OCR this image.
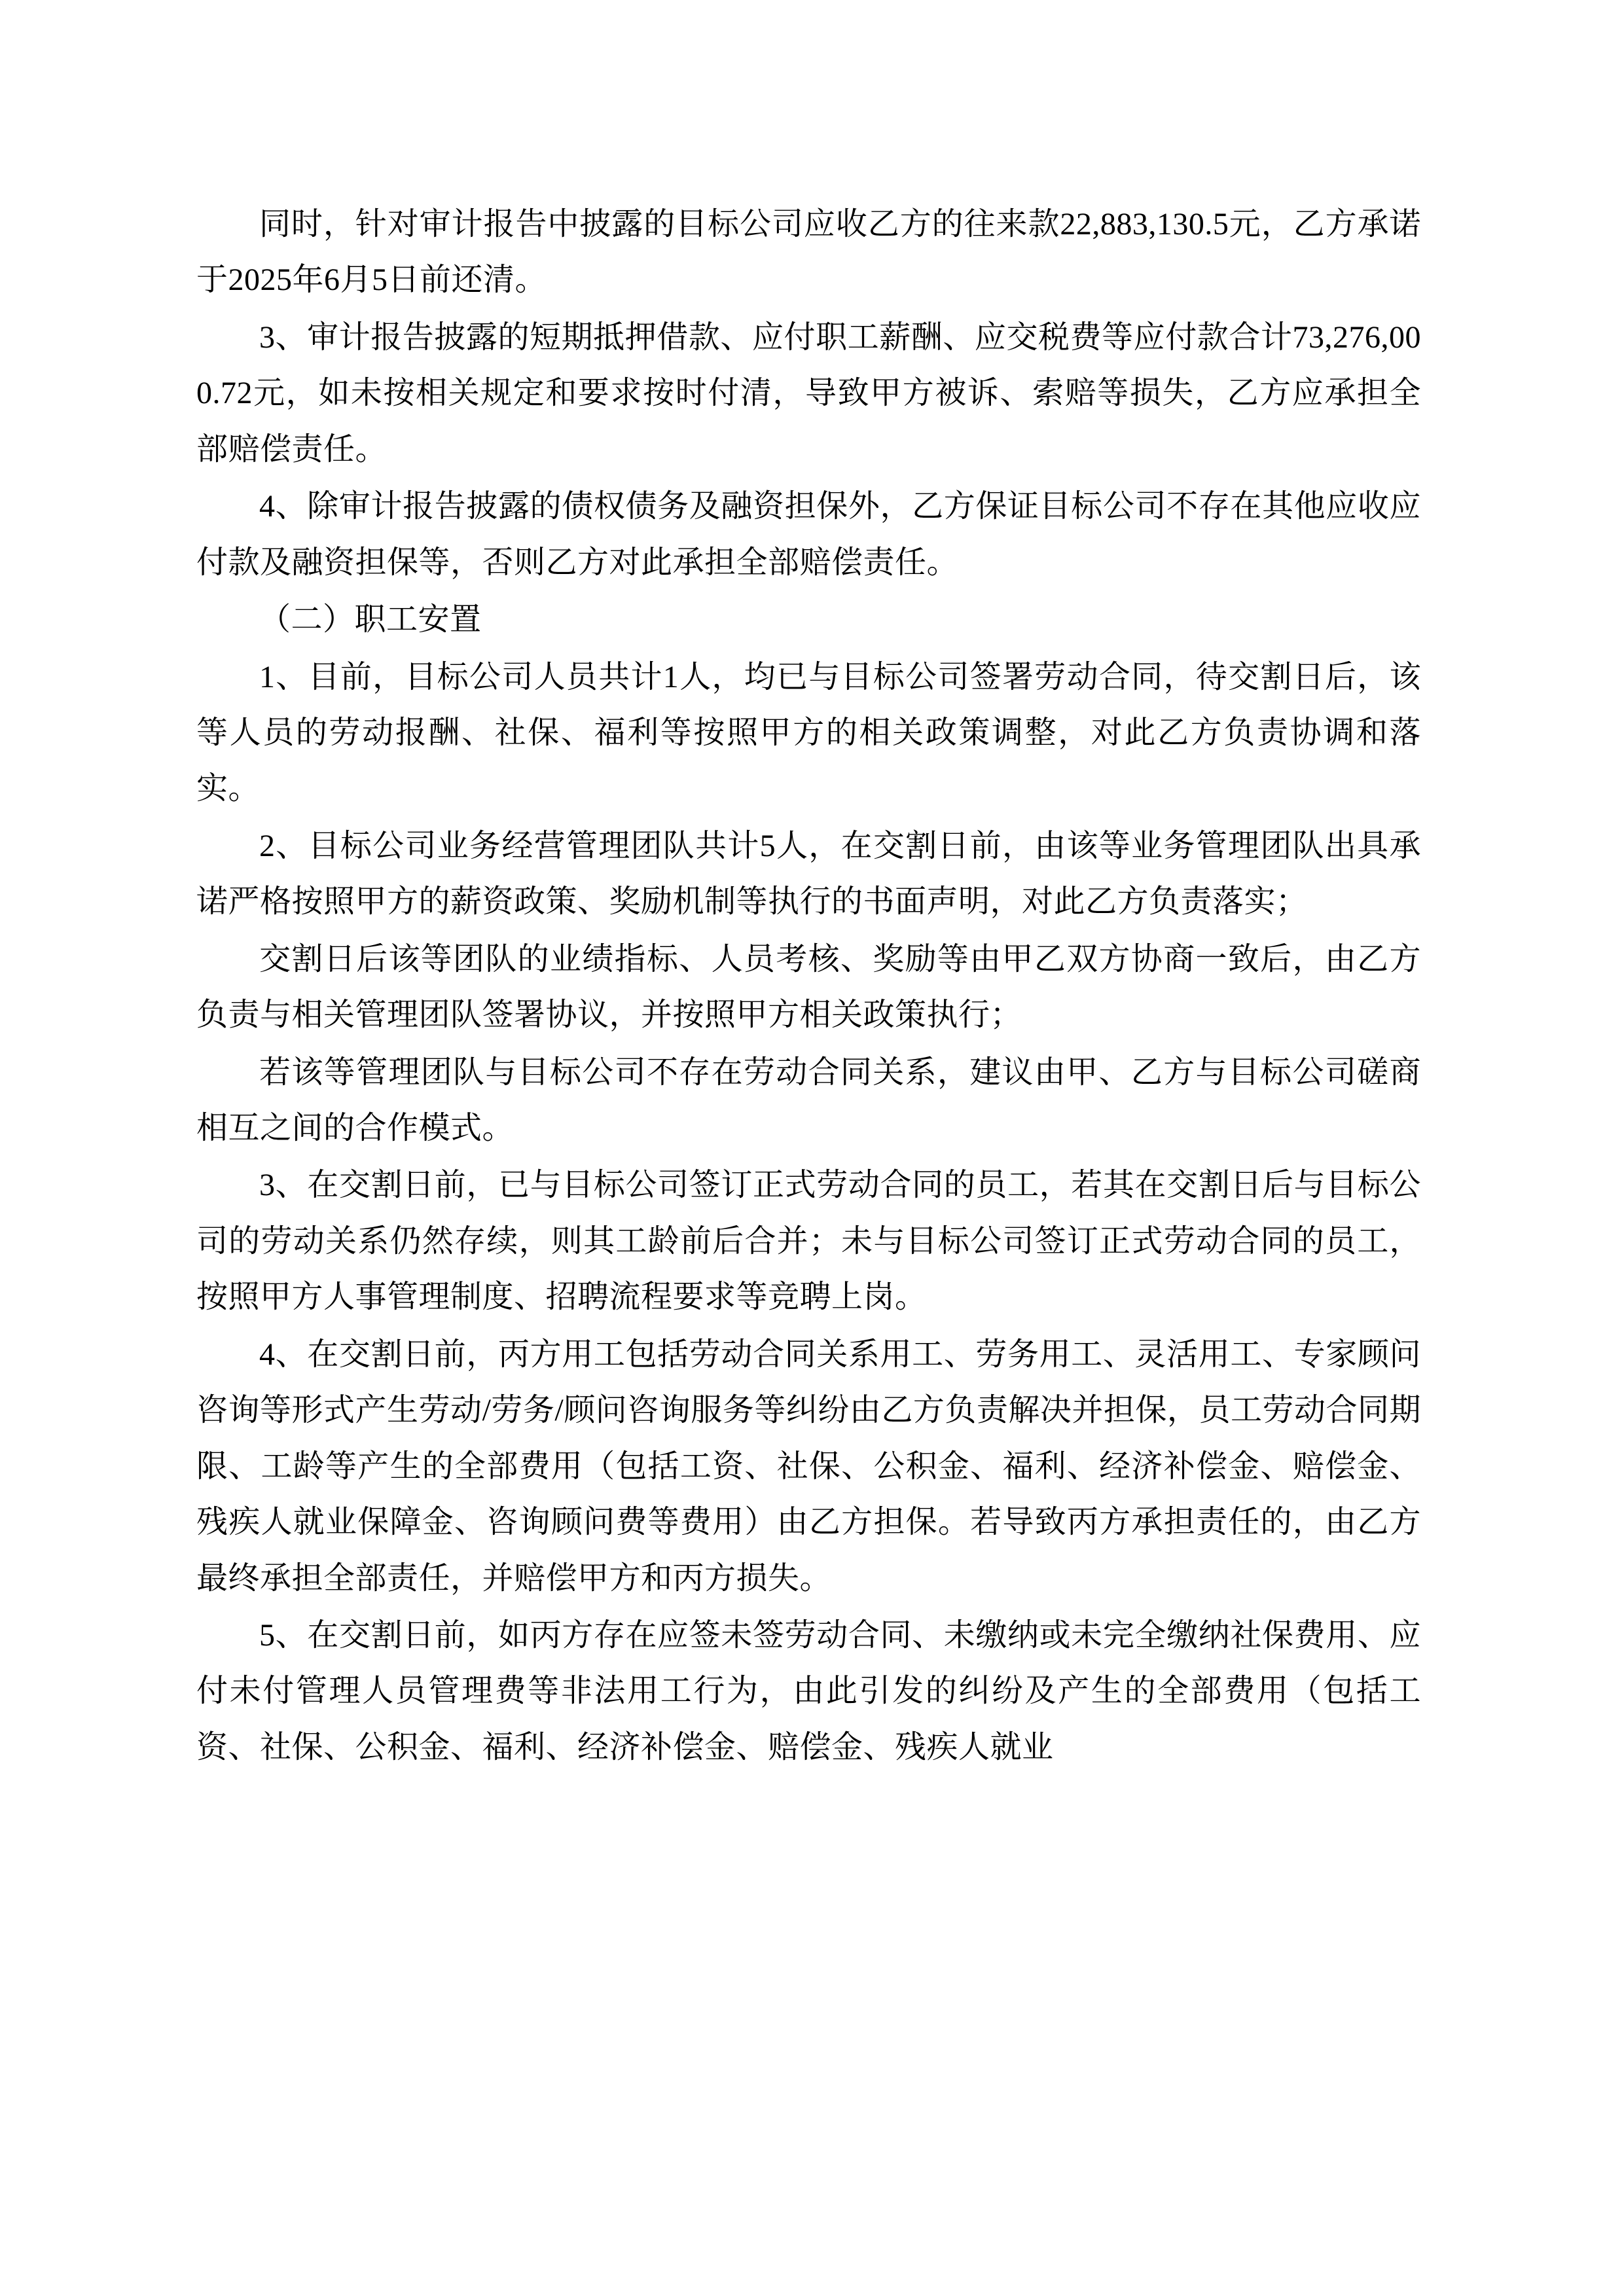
同时，针对审计报告中披露的目标公司应收乙方的往来款22,883,130.5元，乙方承诺于2025年6月5日前还清。

3、审计报告披露的短期抵押借款、应付职工薪酬、应交税费等应付款合计73,276,000.72元，如未按相关规定和要求按时付清，导致甲方被诉、索赔等损失，乙方应承担全部赔偿责任。

4、除审计报告披露的债权债务及融资担保外，乙方保证目标公司不存在其他应收应付款及融资担保等，否则乙方对此承担全部赔偿责任。

（二）职工安置

1、目前，目标公司人员共计1人，均已与目标公司签署劳动合同，待交割日后，该等人员的劳动报酬、社保、福利等按照甲方的相关政策调整，对此乙方负责协调和落实。

2、目标公司业务经营管理团队共计5人，在交割日前，由该等业务管理团队出具承诺严格按照甲方的薪资政策、奖励机制等执行的书面声明，对此乙方负责落实；

交割日后该等团队的业绩指标、人员考核、奖励等由甲乙双方协商一致后，由乙方负责与相关管理团队签署协议，并按照甲方相关政策执行；

若该等管理团队与目标公司不存在劳动合同关系，建议由甲、乙方与目标公司磋商相互之间的合作模式。

3、在交割日前，已与目标公司签订正式劳动合同的员工，若其在交割日后与目标公司的劳动关系仍然存续，则其工龄前后合并；未与目标公司签订正式劳动合同的员工，按照甲方人事管理制度、招聘流程要求等竞聘上岗。

4、在交割日前，丙方用工包括劳动合同关系用工、劳务用工、灵活用工、专家顾问咨询等形式产生劳动/劳务/顾问咨询服务等纠纷由乙方负责解决并担保，员工劳动合同期限、工龄等产生的全部费用（包括工资、社保、公积金、福利、经济补偿金、赔偿金、残疾人就业保障金、咨询顾问费等费用）由乙方担保。若导致丙方承担责任的，由乙方最终承担全部责任，并赔偿甲方和丙方损失。

5、在交割日前，如丙方存在应签未签劳动合同、未缴纳或未完全缴纳社保费用、应付未付管理人员管理费等非法用工行为，由此引发的纠纷及产生的全部费用（包括工资、社保、公积金、福利、经济补偿金、赔偿金、残疾人就业
